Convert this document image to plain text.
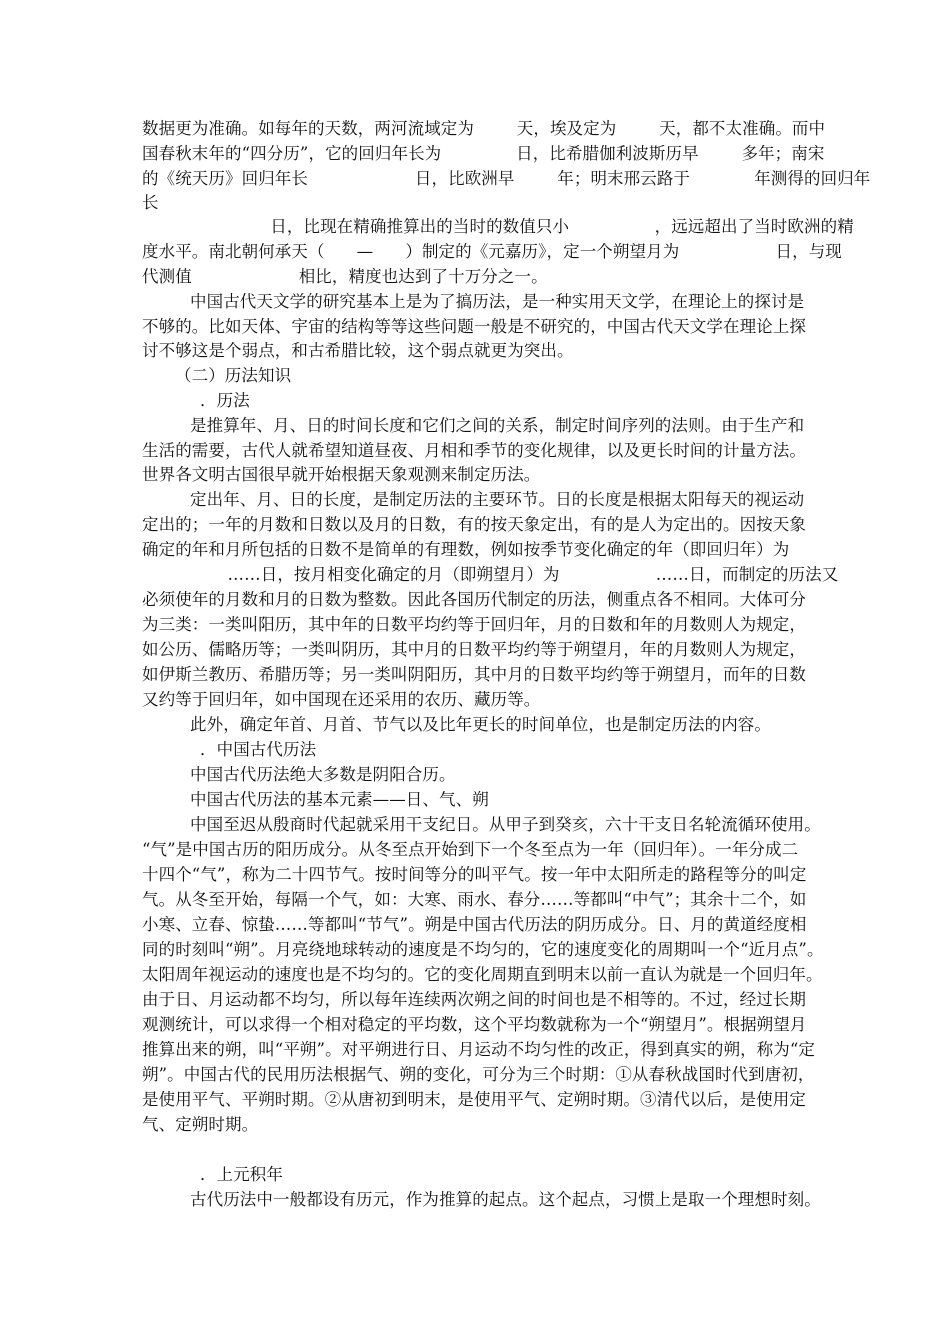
数据更为准确。如每年的天数，两河流域定为        天，埃及定为        天，都不太准确。而中
国春秋末年的“四分历”，它的回归年长为              日，比希腊伽利波斯历早        多年；南宋
的《统天历》回归年长                    日，比欧洲早        年；明末邢云路于            年测得的回归年
长
日，比现在精确推算出的当时的数值只小                ，远远超出了当时欧洲的精
度水平。南北朝何承天（      —      ）制定的《元嘉历》，定一个朔望月为                  日，与现
代测值                    相比，精度也达到了十万分之一。
中国古代天文学的研究基本上是为了搞历法，是一种实用天文学，在理论上的探讨是
不够的。比如天体、宇宙的结构等等这些问题一般是不研究的，中国古代天文学在理论上探
讨不够这是个弱点，和古希腊比较，这个弱点就更为突出。
（二）历法知识
．历法
是推算年、月、日的时间长度和它们之间的关系，制定时间序列的法则。由于生产和
生活的需要，古代人就希望知道昼夜、月相和季节的变化规律，以及更长时间的计量方法。
世界各文明古国很早就开始根据天象观测来制定历法。
定出年、月、日的长度，是制定历法的主要环节。日的长度是根据太阳每天的视运动
定出的；一年的月数和日数以及月的日数，有的按天象定出，有的是人为定出的。因按天象
确定的年和月所包括的日数不是简单的有理数，例如按季节变化确定的年（即回归年）为
……日，按月相变化确定的月（即朔望月）为                  ……日，而制定的历法又
必须使年的月数和月的日数为整数。因此各国历代制定的历法，侧重点各不相同。大体可分
为三类：一类叫阳历，其中年的日数平均约等于回归年，月的日数和年的月数则人为规定，
如公历、儒略历等；一类叫阴历，其中月的日数平均约等于朔望月，年的月数则人为规定，
如伊斯兰教历、希腊历等；另一类叫阴阳历，其中月的日数平均约等于朔望月，而年的日数
又约等于回归年，如中国现在还采用的农历、藏历等。
此外，确定年首、月首、节气以及比年更长的时间单位，也是制定历法的内容。
．中国古代历法
中国古代历法绝大多数是阴阳合历。
中国古代历法的基本元素——日、气、朔
中国至迟从殷商时代起就采用干支纪日。从甲子到癸亥，六十干支日名轮流循环使用。
“气”是中国古历的阳历成分。从冬至点开始到下一个冬至点为一年（回归年）。一年分成二
十四个“气”，称为二十四节气。按时间等分的叫平气。按一年中太阳所走的路程等分的叫定
气。从冬至开始，每隔一个气，如：大寒、雨水、春分……等都叫“中气”；其余十二个，如
小寒、立春、惊蛰……等都叫“节气”。朔是中国古代历法的阴历成分。日、月的黄道经度相
同的时刻叫“朔”。月亮绕地球转动的速度是不均匀的，它的速度变化的周期叫一个“近月点”。
太阳周年视运动的速度也是不均匀的。它的变化周期直到明末以前一直认为就是一个回归年。
由于日、月运动都不均匀，所以每年连续两次朔之间的时间也是不相等的。不过，经过长期
观测统计，可以求得一个相对稳定的平均数，这个平均数就称为一个“朔望月”。根据朔望月
推算出来的朔，叫“平朔”。对平朔进行日、月运动不均匀性的改正，得到真实的朔，称为“定
朔”。中国古代的民用历法根据气、朔的变化，可分为三个时期：①从春秋战国时代到唐初，
是使用平气、平朔时期。②从唐初到明末，是使用平气、定朔时期。③清代以后，是使用定
气、定朔时期。
．上元积年
古代历法中一般都设有历元，作为推算的起点。这个起点，习惯上是取一个理想时刻。
